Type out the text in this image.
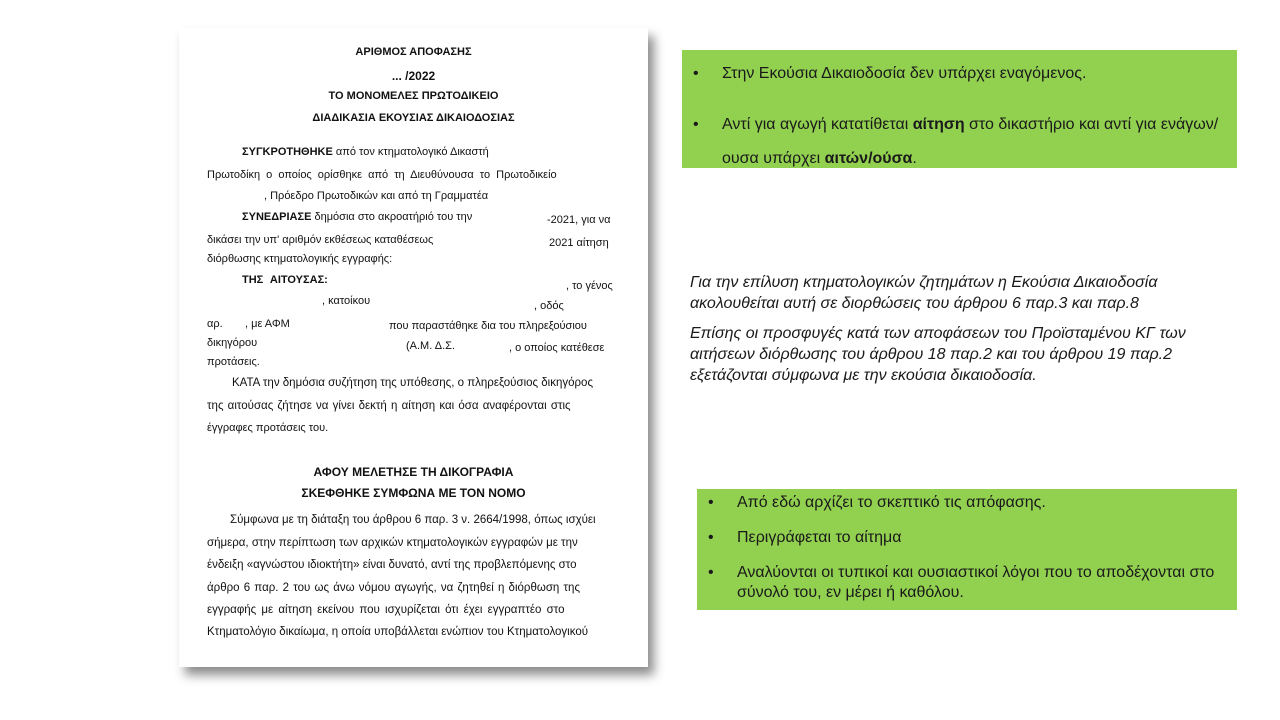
ΑΡΙΘΜΟΣ ΑΠΟΦΑΣΗΣ
... /2022
ΤΟ ΜΟΝΟΜΕΛΕΣ ΠΡΩΤΟΔΙΚΕΙΟ
ΔΙΑΔΙΚΑΣΙΑ ΕΚΟΥΣΙΑΣ ΔΙΚΑΙΟΔΟΣΙΑΣ
ΣΥΓΚΡΟΤΗΘΗΚΕ από τον κτηματολογικό Δικαστή
Πρωτοδίκη ο οποίος ορίσθηκε από τη Διευθύνουσα το Πρωτοδικείο
, Πρόεδρο Πρωτοδικών και από τη Γραμματέα
ΣΥΝΕΔΡΙΑΣΕ δημόσια στο ακροατήριό του την	-2021, για να
δικάσει την υπ' αριθμόν εκθέσεως καταθέσεως	2021 αίτηση
διόρθωσης κτηματολογικής εγγραφής:
ΤΗΣ ΑΙΤΟΥΣΑΣ:	, το γένος
, κατοίκου	, οδός
αρ. , με ΑΦΜ	που παραστάθηκε δια του πληρεξούσιου
δικηγόρου	(Α.Μ. Δ.Σ.	, ο οποίος κατέθεσε
προτάσεις.
ΚΑΤΑ την δημόσια συζήτηση της υπόθεσης, ο πληρεξούσιος δικηγόρος
της αιτούσας ζήτησε να γίνει δεκτή η αίτηση και όσα αναφέρονται στις
έγγραφες προτάσεις του.
ΑΦΟΥ ΜΕΛΕΤΗΣΕ ΤΗ ΔΙΚΟΓΡΑΦΙΑ
ΣΚΕΦΘΗΚΕ ΣΥΜΦΩΝΑ ΜΕ ΤΟΝ ΝΟΜΟ
Σύμφωνα με τη διάταξη του άρθρου 6 παρ. 3 ν. 2664/1998, όπως ισχύει
σήμερα, στην περίπτωση των αρχικών κτηματολογικών εγγραφών με την
ένδειξη «αγνώστου ιδιοκτήτη» είναι δυνατό, αντί της προβλεπόμενης στο
άρθρο 6 παρ. 2 του ως άνω νόμου αγωγής, να ζητηθεί η διόρθωση της
εγγραφής με αίτηση εκείνου που ισχυρίζεται ότι έχει εγγραπτέο στο
Κτηματολόγιο δικαίωμα, η οποία υποβάλλεται ενώπιον του Κτηματολογικού
• Στην Εκούσια Δικαιοδοσία δεν υπάρχει εναγόμενος.
• Αντί για αγωγή κατατίθεται αίτηση στο δικαστήριο και αντί για ενάγων/ουσα υπάρχει αιτών/ούσα.

Για την επίλυση κτηματολογικών ζητημάτων η Εκούσια Δικαιοδοσία ακολουθείται αυτή σε διορθώσεις του άρθρου 6 παρ.3 και παρ.8

Επίσης οι προσφυγές κατά των αποφάσεων του Προϊσταμένου ΚΓ των αιτήσεων διόρθωσης του άρθρου 18 παρ.2 και του άρθρου 19 παρ.2 εξετάζονται σύμφωνα με την εκούσια δικαιοδοσία.

• Από εδώ αρχίζει το σκεπτικό τις απόφασης.
• Περιγράφεται το αίτημα
• Αναλύονται οι τυπικοί και ουσιαστικοί λόγοι που το αποδέχονται στο σύνολό του, εν μέρει ή καθόλου.
